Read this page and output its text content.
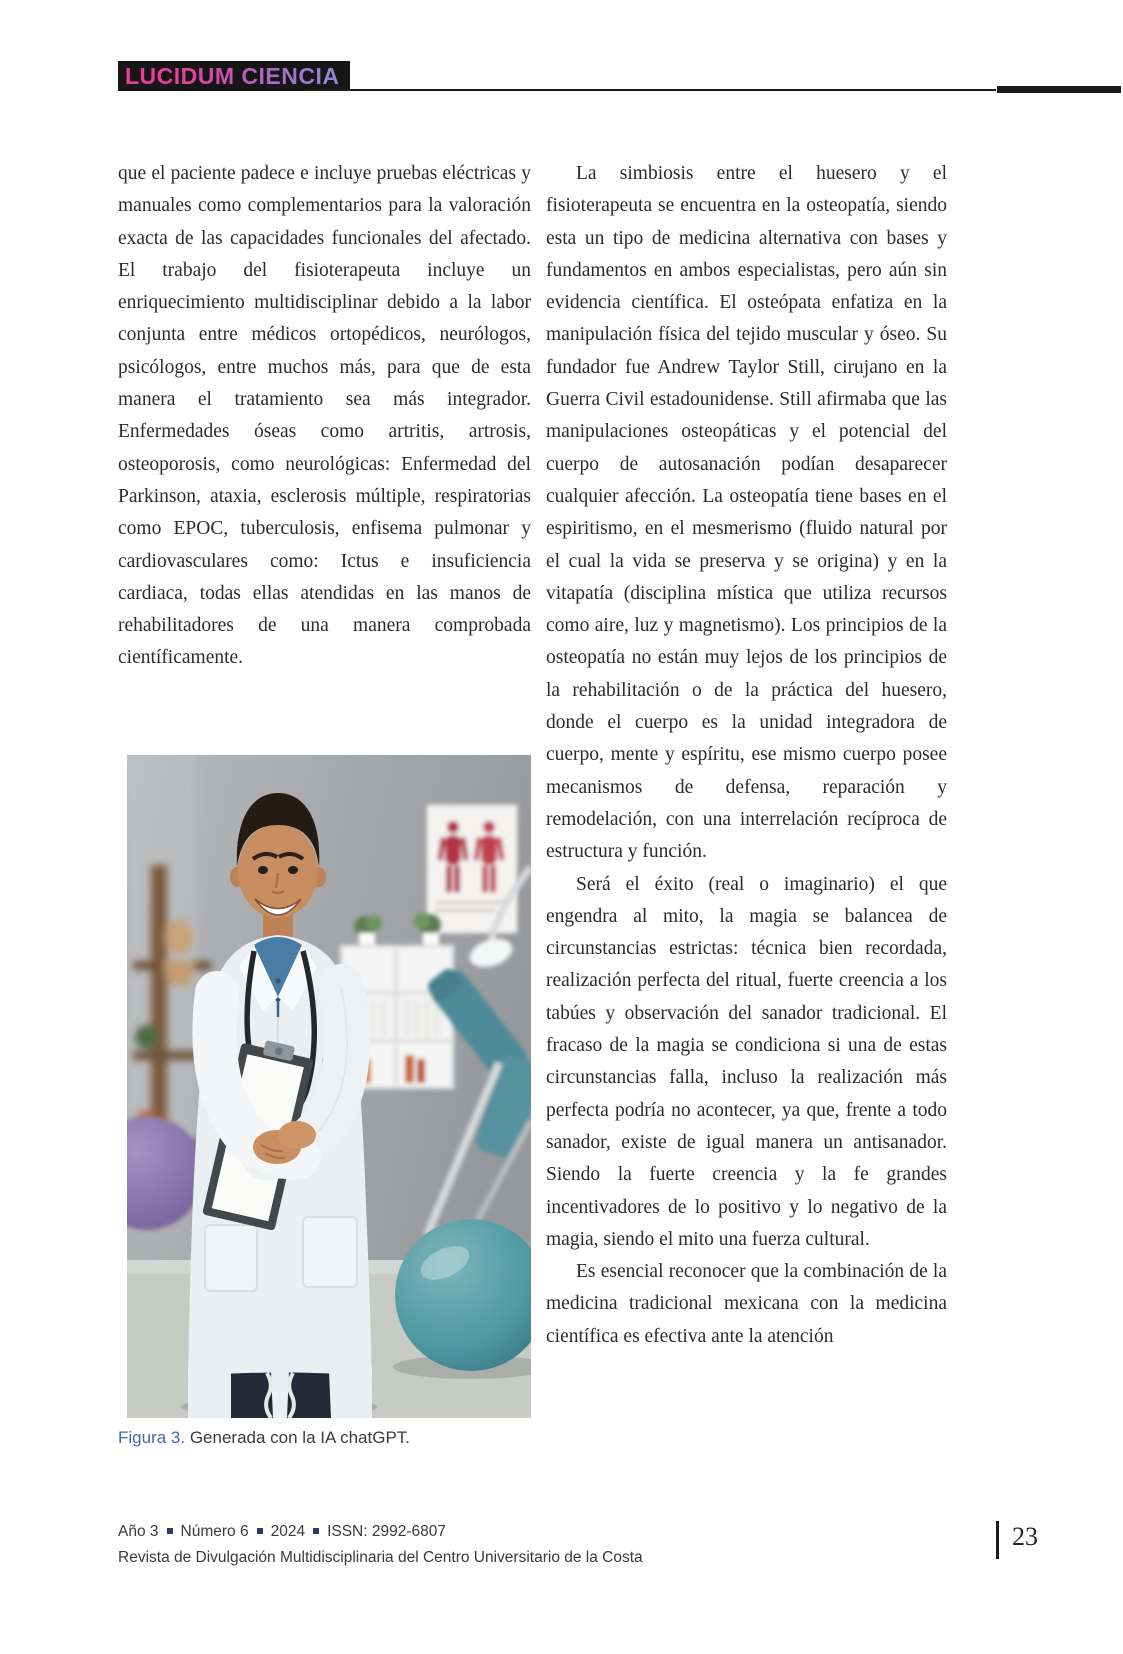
LUCIDUM CIENCIA

que el paciente padece e incluye pruebas eléctricas y manuales como complementarios para la valoración exacta de las capacidades funcionales del afectado. El trabajo del fisioterapeuta incluye un enriquecimiento multidisciplinar debido a la labor conjunta entre médicos ortopédicos, neurólogos, psicólogos, entre muchos más, para que de esta manera el tratamiento sea más integrador. Enfermedades óseas como artritis, artrosis, osteoporosis, como neurológicas: Enfermedad del Parkinson, ataxia, esclerosis múltiple, respiratorias como EPOC, tuberculosis, enfisema pulmonar y cardiovasculares como: Ictus e insuficiencia cardiaca, todas ellas atendidas en las manos de rehabilitadores de una manera comprobada científicamente.

La simbiosis entre el huesero y el fisioterapeuta se encuentra en la osteopatía, siendo esta un tipo de medicina alternativa con bases y fundamentos en ambos especialistas, pero aún sin evidencia científica. El osteópata enfatiza en la manipulación física del tejido muscular y óseo. Su fundador fue Andrew Taylor Still, cirujano en la Guerra Civil estadounidense. Still afirmaba que las manipulaciones osteopáticas y el potencial del cuerpo de autosanación podían desaparecer cualquier afección. La osteopatía tiene bases en el espiritismo, en el mesmerismo (fluido natural por el cual la vida se preserva y se origina) y en la vitapatía (disciplina mística que utiliza recursos como aire, luz y magnetismo). Los principios de la osteopatía no están muy lejos de los principios de la rehabilitación o de la práctica del huesero, donde el cuerpo es la unidad integradora de cuerpo, mente y espíritu, ese mismo cuerpo posee mecanismos de defensa, reparación y remodelación, con una interrelación recíproca de estructura y función.

Será el éxito (real o imaginario) el que engendra al mito, la magia se balancea de circunstancias estrictas: técnica bien recordada, realización perfecta del ritual, fuerte creencia a los tabúes y observación del sanador tradicional. El fracaso de la magia se condiciona si una de estas circunstancias falla, incluso la realización más perfecta podría no acontecer, ya que, frente a todo sanador, existe de igual manera un antisanador. Siendo la fuerte creencia y la fe grandes incentivadores de lo positivo y lo negativo de la magia, siendo el mito una fuerza cultural.

Es esencial reconocer que la combinación de la medicina tradicional mexicana con la medicina científica es efectiva ante la atención

Figura 3. Generada con la IA chatGPT.
Año 3 Número 6 2024 ISSN: 2992-6807
Revista de Divulgación Multidisciplinaria del Centro Universitario de la Costa
23
